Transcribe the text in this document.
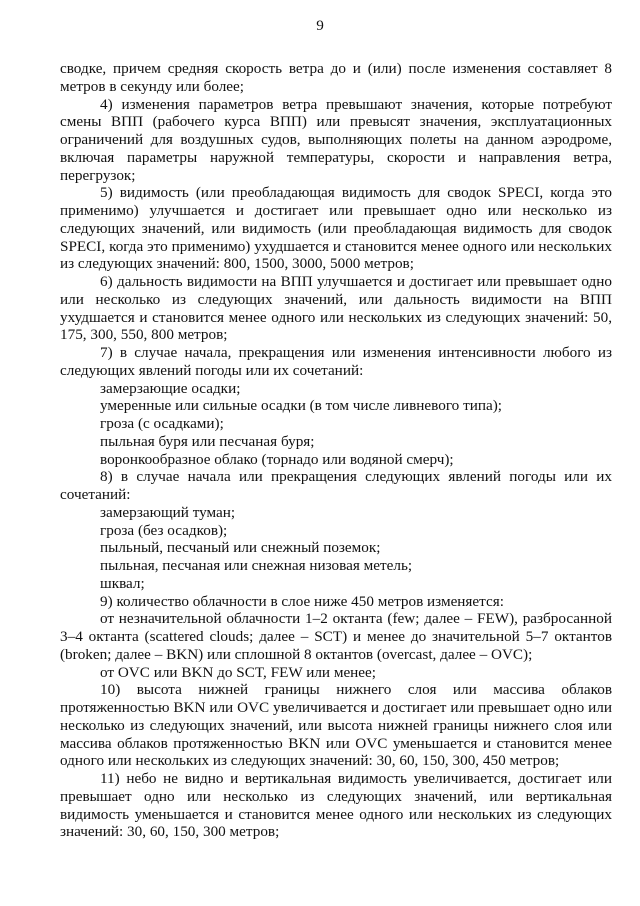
9

сводке, причем средняя скорость ветра до и (или) после изменения составляет 8 метров в секунду или более;

4) изменения параметров ветра превышают значения, которые потребуют смены ВПП (рабочего курса ВПП) или превысят значения, эксплуатационных ограничений для воздушных судов, выполняющих полеты на данном аэродроме, включая параметры наружной температуры, скорости и направления ветра, перегрузок;

5) видимость (или преобладающая видимость для сводок SPECI, когда это применимо) улучшается и достигает или превышает одно или несколько из следующих значений, или видимость (или преобладающая видимость для сводок SPECI, когда это применимо) ухудшается и становится менее одного или нескольких из следующих значений: 800, 1500, 3000, 5000 метров;

6) дальность видимости на ВПП улучшается и достигает или превышает одно или несколько из следующих значений, или дальность видимости на ВПП ухудшается и становится менее одного или нескольких из следующих значений: 50, 175, 300, 550, 800 метров;

7) в случае начала, прекращения или изменения интенсивности любого из следующих явлений погоды или их сочетаний:

замерзающие осадки;

умеренные или сильные осадки (в том числе ливневого типа);

гроза (с осадками);

пыльная буря или песчаная буря;

воронкообразное облако (торнадо или водяной смерч);

8) в случае начала или прекращения следующих явлений погоды или их сочетаний:

замерзающий туман;

гроза (без осадков);

пыльный, песчаный или снежный поземок;

пыльная, песчаная или снежная низовая метель;

шквал;

9) количество облачности в слое ниже 450 метров изменяется:

от незначительной облачности 1–2 октанта (few; далее – FEW), разбросанной 3–4 октанта (scattered clouds; далее – SCT) и менее до значительной 5–7 октантов (broken; далее – BKN) или сплошной 8 октантов (overcast, далее – OVC);

от OVC или BKN до SCT, FEW или менее;

10) высота нижней границы нижнего слоя или массива облаков протяженностью BKN или OVC увеличивается и достигает или превышает одно или несколько из следующих значений, или высота нижней границы нижнего слоя или массива облаков протяженностью BKN или OVC уменьшается и становится менее одного или нескольких из следующих значений: 30, 60, 150, 300, 450 метров;

11) небо не видно и вертикальная видимость увеличивается, достигает или превышает одно или несколько из следующих значений, или вертикальная видимость уменьшается и становится менее одного или нескольких из следующих значений: 30, 60, 150, 300 метров;
